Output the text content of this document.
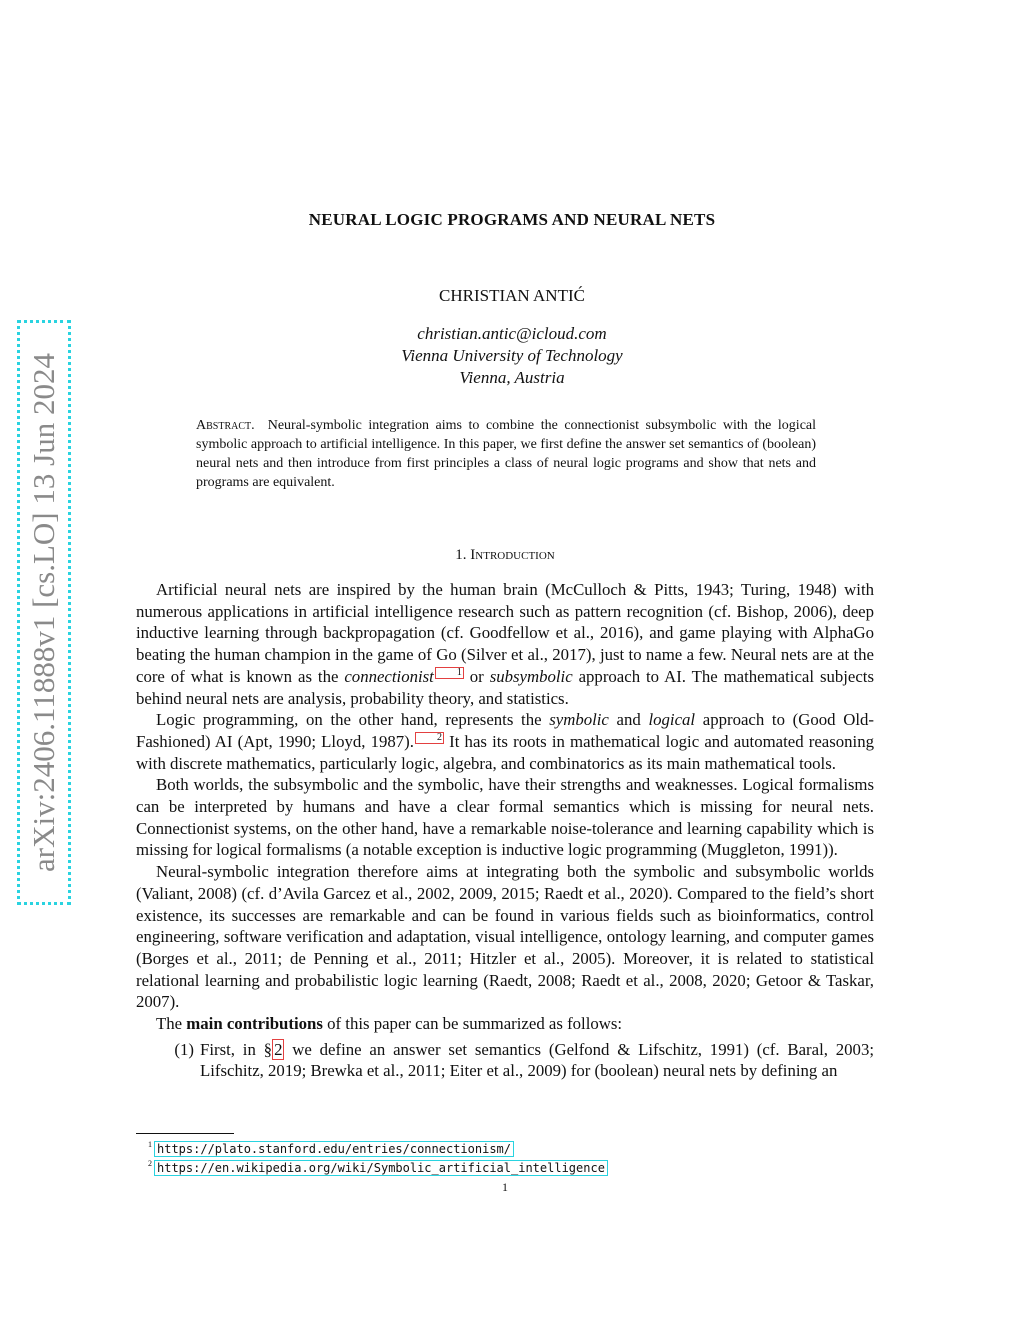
arXiv:2406.11888v1 [cs.LO] 13 Jun 2024
NEURAL LOGIC PROGRAMS AND NEURAL NETS
CHRISTIAN ANTIĆ
christian.antic@icloud.com
Vienna University of Technology
Vienna, Austria
Abstract. Neural-symbolic integration aims to combine the connectionist subsymbolic with the logical symbolic approach to artificial intelligence. In this paper, we first define the answer set semantics of (boolean) neural nets and then introduce from first principles a class of neural logic programs and show that nets and programs are equivalent.
1. Introduction

Artificial neural nets are inspired by the human brain (McCulloch & Pitts, 1943; Turing, 1948) with numerous applications in artificial intelligence research such as pattern recognition (cf. Bishop, 2006), deep inductive learning through backpropagation (cf. Goodfellow et al., 2016), and game playing with AlphaGo beating the human champion in the game of Go (Silver et al., 2017), just to name a few. Neural nets are at the core of what is known as the connectionist 1 or subsymbolic approach to AI. The mathematical subjects behind neural nets are analysis, probability theory, and statistics.

Logic programming, on the other hand, represents the symbolic and logical approach to (Good Old-Fashioned) AI (Apt, 1990; Lloyd, 1987). 2 It has its roots in mathematical logic and automated reasoning with discrete mathematics, particularly logic, algebra, and combinatorics as its main mathematical tools.

Both worlds, the subsymbolic and the symbolic, have their strengths and weaknesses. Logical formalisms can be interpreted by humans and have a clear formal semantics which is missing for neural nets. Connectionist systems, on the other hand, have a remarkable noise-tolerance and learning capability which is missing for logical formalisms (a notable exception is inductive logic programming (Muggleton, 1991)).

Neural-symbolic integration therefore aims at integrating both the symbolic and subsymbolic worlds (Valiant, 2008) (cf. d’Avila Garcez et al., 2002, 2009, 2015; Raedt et al., 2020). Compared to the field’s short existence, its successes are remarkable and can be found in various fields such as bioinformatics, control engineering, software verification and adaptation, visual intelligence, ontology learning, and computer games (Borges et al., 2011; de Penning et al., 2011; Hitzler et al., 2005). Moreover, it is related to statistical relational learning and probabilistic logic learning (Raedt, 2008; Raedt et al., 2008, 2020; Getoor & Taskar, 2007).

The main contributions of this paper can be summarized as follows:

(1) First, in § 2 we define an answer set semantics (Gelfond & Lifschitz, 1991) (cf. Baral, 2003; Lifschitz, 2019; Brewka et al., 2011; Eiter et al., 2009) for (boolean) neural nets by defining an
1 https://plato.stanford.edu/entries/connectionism/
2 https://en.wikipedia.org/wiki/Symbolic_artificial_intelligence
1
